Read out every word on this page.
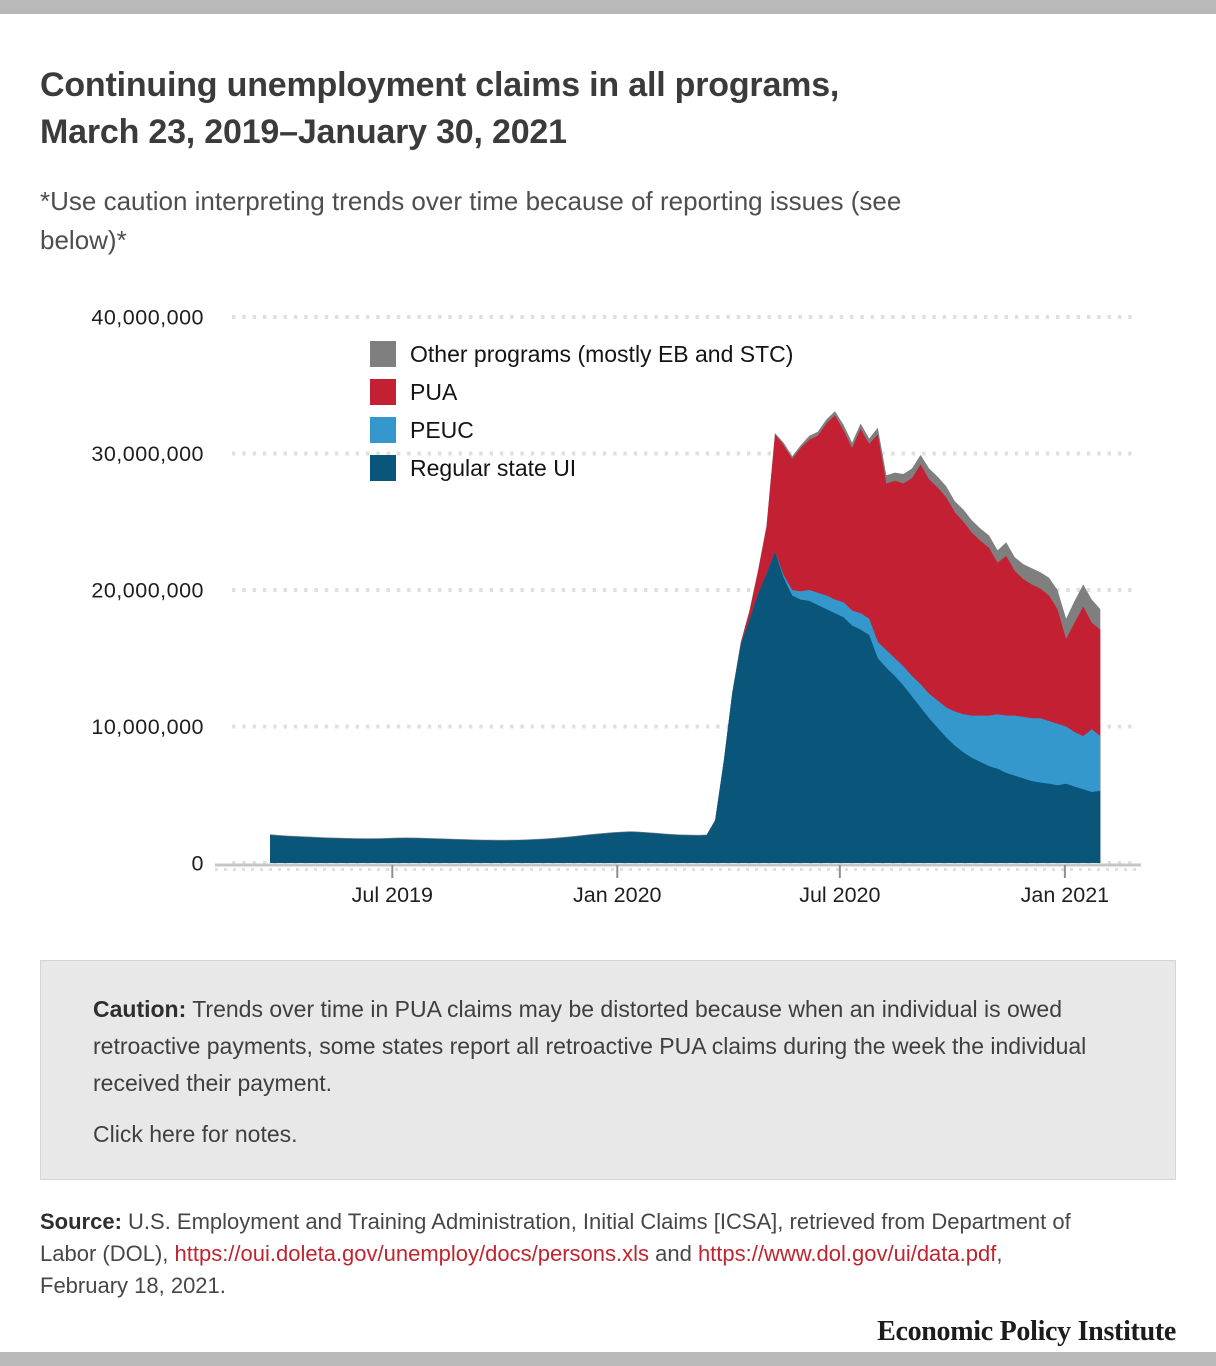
Continuing unemployment claims in all programs,
March 23, 2019–January 30, 2021
*Use caution interpreting trends over time because of reporting issues (see
below)*
0
10,000,000
20,000,000
30,000,000
40,000,000
Jul 2019	Jan 2020	Jul 2020	Jan 2021
Other programs (mostly EB and STC)
PUA
PEUC
Regular state UI

Caution: Trends over time in PUA claims may be distorted because when an individual is owed retroactive payments, some states report all retroactive PUA claims during the week the individual received their payment.

Click here for notes.

Source: U.S. Employment and Training Administration, Initial Claims [ICSA], retrieved from Department of Labor (DOL), https://oui.doleta.gov/unemploy/docs/persons.xls and https://www.dol.gov/ui/data.pdf, February 18, 2021.

Economic Policy Institute
